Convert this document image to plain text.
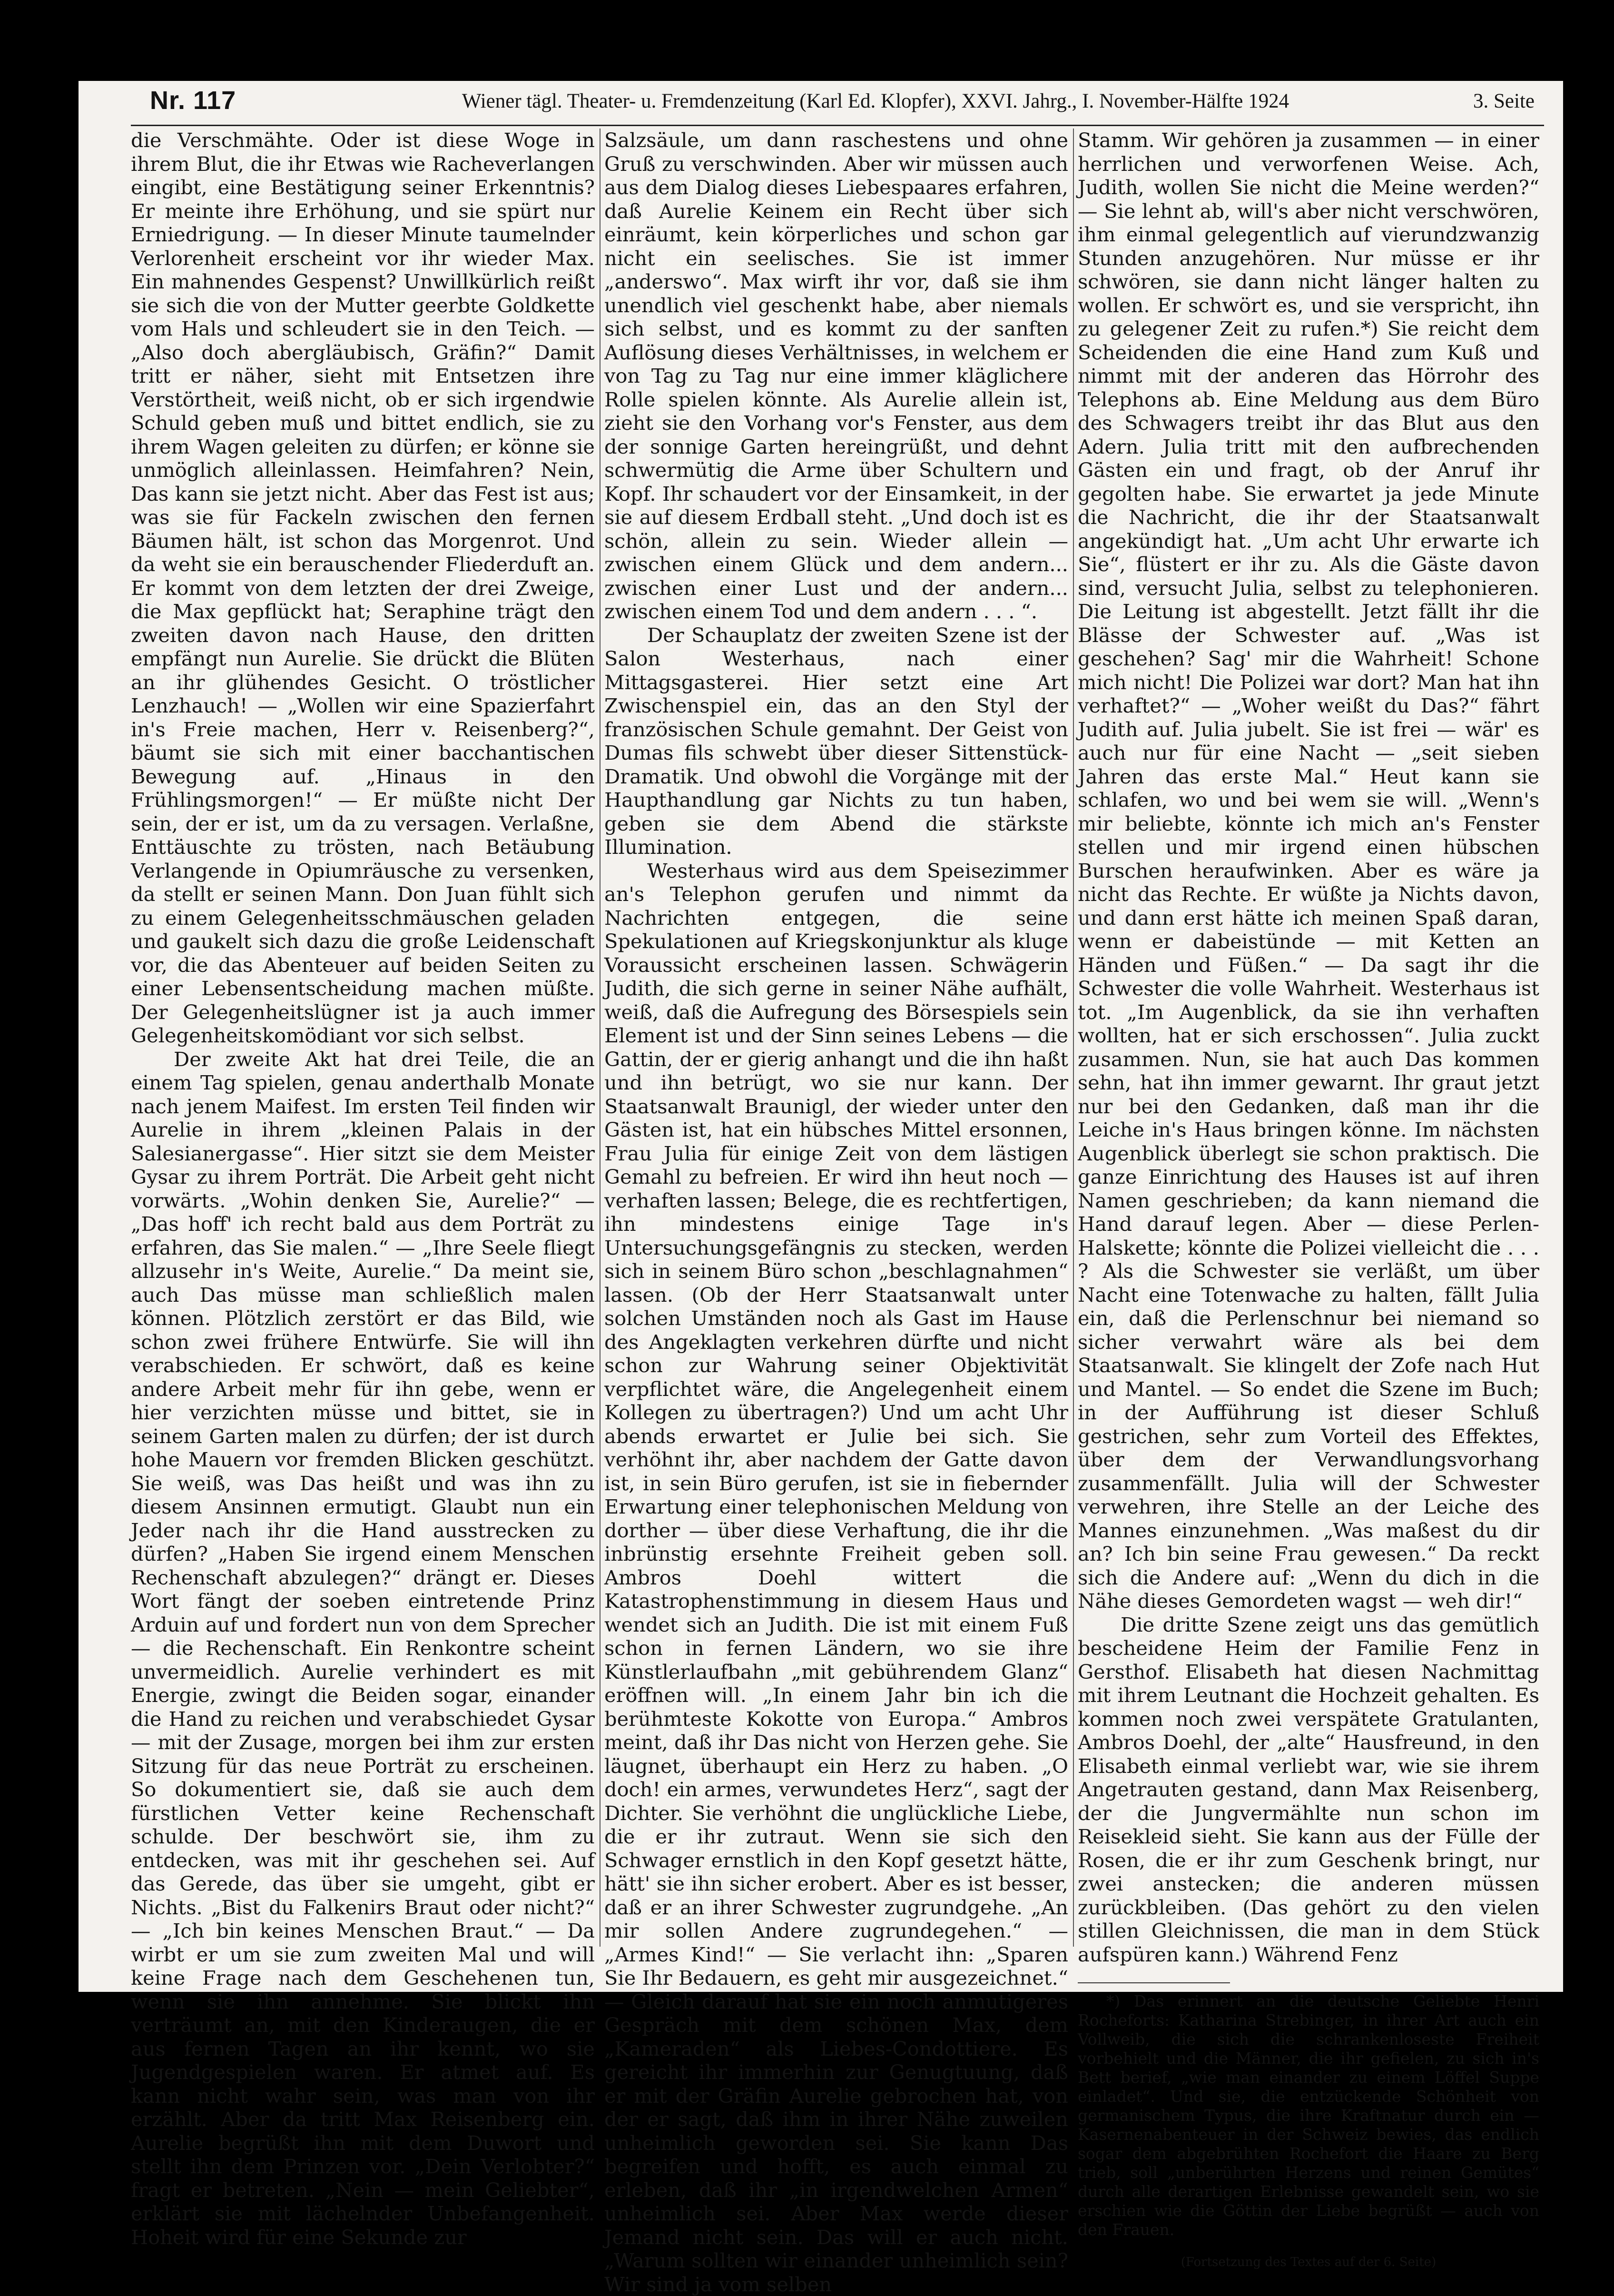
Nr. 117	Wiener tägl. Theater- u. Fremdenzeitung (Karl Ed. Klopfer), XXVI. Jahrg., I. November-Hälfte 1924	3. Seite

die Verschmähte. Oder ist diese Woge in ihrem Blut, die ihr Etwas wie Racheverlangen eingibt, eine Bestätigung seiner Erkenntnis? Er meinte ihre Erhöhung, und sie spürt nur Erniedrigung. — In dieser Minute taumelnder Verlorenheit erscheint vor ihr wieder Max. Ein mahnendes Gespenst? Unwillkürlich reißt sie sich die von der Mutter geerbte Goldkette vom Hals und schleudert sie in den Teich. — „Also doch abergläubisch, Gräfin?“ Damit tritt er näher, sieht mit Entsetzen ihre Verstörtheit, weiß nicht, ob er sich irgendwie Schuld geben muß und bittet endlich, sie zu ihrem Wagen geleiten zu dürfen; er könne sie unmöglich alleinlassen. Heimfahren? Nein, Das kann sie jetzt nicht. Aber das Fest ist aus; was sie für Fackeln zwischen den fernen Bäumen hält, ist schon das Morgenrot. Und da weht sie ein berauschender Fliederduft an. Er kommt von dem letzten der drei Zweige, die Max gepflückt hat; Seraphine trägt den zweiten davon nach Hause, den dritten empfängt nun Aurelie. Sie drückt die Blüten an ihr glühendes Gesicht. O tröstlicher Lenzhauch! — „Wollen wir eine Spazierfahrt in's Freie machen, Herr v. Reisenberg?“, bäumt sie sich mit einer bacchantischen Bewegung auf. „Hinaus in den Frühlingsmorgen!“ — Er müßte nicht Der sein, der er ist, um da zu versagen. Verlaßne, Enttäuschte zu trösten, nach Betäubung Verlangende in Opiumräusche zu versenken, da stellt er seinen Mann. Don Juan fühlt sich zu einem Gelegenheitsschmäuschen geladen und gaukelt sich dazu die große Leidenschaft vor, die das Abenteuer auf beiden Seiten zu einer Lebensentscheidung machen müßte. Der Gelegenheitslügner ist ja auch immer Gelegenheitskomödiant vor sich selbst.

Der zweite Akt hat drei Teile, die an einem Tag spielen, genau anderthalb Monate nach jenem Maifest. Im ersten Teil finden wir Aurelie in ihrem „kleinen Palais in der Salesianergasse“. Hier sitzt sie dem Meister Gysar zu ihrem Porträt. Die Arbeit geht nicht vorwärts. „Wohin denken Sie, Aurelie?“ — „Das hoff' ich recht bald aus dem Porträt zu erfahren, das Sie malen.“ — „Ihre Seele fliegt allzusehr in's Weite, Aurelie.“ Da meint sie, auch Das müsse man schließlich malen können. Plötzlich zerstört er das Bild, wie schon zwei frühere Entwürfe. Sie will ihn verabschieden. Er schwört, daß es keine andere Arbeit mehr für ihn gebe, wenn er hier verzichten müsse und bittet, sie in seinem Garten malen zu dürfen; der ist durch hohe Mauern vor fremden Blicken geschützt. Sie weiß, was Das heißt und was ihn zu diesem Ansinnen ermutigt. Glaubt nun ein Jeder nach ihr die Hand ausstrecken zu dürfen? „Haben Sie irgend einem Menschen Rechenschaft abzulegen?“ drängt er. Dieses Wort fängt der soeben eintretende Prinz Arduin auf und fordert nun von dem Sprecher — die Rechenschaft. Ein Renkontre scheint unvermeidlich. Aurelie verhindert es mit Energie, zwingt die Beiden sogar, einander die Hand zu reichen und verabschiedet Gysar — mit der Zusage, morgen bei ihm zur ersten Sitzung für das neue Porträt zu erscheinen. So dokumentiert sie, daß sie auch dem fürstlichen Vetter keine Rechenschaft schulde. Der beschwört sie, ihm zu entdecken, was mit ihr geschehen sei. Auf das Gerede, das über sie umgeht, gibt er Nichts. „Bist du Falkenirs Braut oder nicht?“ — „Ich bin keines Menschen Braut.“ — Da wirbt er um sie zum zweiten Mal und will keine Frage nach dem Geschehenen tun, wenn sie ihn annehme. Sie blickt ihn verträumt an, mit den Kinderaugen, die er aus fernen Tagen an ihr kennt, wo sie Jugendgespielen waren. Er atmet auf. Es kann nicht wahr sein, was man von ihr erzählt. Aber da tritt Max Reisenberg ein. Aurelie begrüßt ihn mit dem Duwort und stellt ihn dem Prinzen vor. „Dein Verlobter?“ fragt er betreten. „Nein — mein Geliebter“, erklärt sie mit lächelnder Unbefangenheit. Hoheit wird für eine Sekunde zur

Salzsäule, um dann raschestens und ohne Gruß zu verschwinden. Aber wir müssen auch aus dem Dialog dieses Liebespaares erfahren, daß Aurelie Keinem ein Recht über sich einräumt, kein körperliches und schon gar nicht ein seelisches. Sie ist immer „anderswo“. Max wirft ihr vor, daß sie ihm unendlich viel geschenkt habe, aber niemals sich selbst, und es kommt zu der sanften Auflösung dieses Verhältnisses, in welchem er von Tag zu Tag nur eine immer kläglichere Rolle spielen könnte. Als Aurelie allein ist, zieht sie den Vorhang vor's Fenster, aus dem der sonnige Garten hereingrüßt, und dehnt schwermütig die Arme über Schultern und Kopf. Ihr schaudert vor der Einsamkeit, in der sie auf diesem Erdball steht. „Und doch ist es schön, allein zu sein. Wieder allein — zwischen einem Glück und dem andern... zwischen einer Lust und der andern... zwischen einem Tod und dem andern . . . “.

Der Schauplatz der zweiten Szene ist der Salon Westerhaus, nach einer Mittagsgasterei. Hier setzt eine Art Zwischenspiel ein, das an den Styl der französischen Schule gemahnt. Der Geist von Dumas fils schwebt über dieser Sittenstück-Dramatik. Und obwohl die Vorgänge mit der Haupthandlung gar Nichts zu tun haben, geben sie dem Abend die stärkste Illumination.

Westerhaus wird aus dem Speisezimmer an's Telephon gerufen und nimmt da Nachrichten entgegen, die seine Spekulationen auf Kriegskonjunktur als kluge Voraussicht erscheinen lassen. Schwägerin Judith, die sich gerne in seiner Nähe aufhält, weiß, daß die Aufregung des Börsespiels sein Element ist und der Sinn seines Lebens — die Gattin, der er gierig anhangt und die ihn haßt und ihn betrügt, wo sie nur kann. Der Staatsanwalt Braunigl, der wieder unter den Gästen ist, hat ein hübsches Mittel ersonnen, Frau Julia für einige Zeit von dem lästigen Gemahl zu befreien. Er wird ihn heut noch — verhaften lassen; Belege, die es rechtfertigen, ihn mindestens einige Tage in's Untersuchungsgefängnis zu stecken, werden sich in seinem Büro schon „beschlagnahmen“ lassen. (Ob der Herr Staatsanwalt unter solchen Umständen noch als Gast im Hause des Angeklagten verkehren dürfte und nicht schon zur Wahrung seiner Objektivität verpflichtet wäre, die Angelegenheit einem Kollegen zu übertragen?) Und um acht Uhr abends erwartet er Julie bei sich. Sie verhöhnt ihr, aber nachdem der Gatte davon ist, in sein Büro gerufen, ist sie in fiebernder Erwartung einer telephonischen Meldung von dorther — über diese Verhaftung, die ihr die inbrünstig ersehnte Freiheit geben soll. Ambros Doehl wittert die Katastrophenstimmung in diesem Haus und wendet sich an Judith. Die ist mit einem Fuß schon in fernen Ländern, wo sie ihre Künstlerlaufbahn „mit gebührendem Glanz“ eröffnen will. „In einem Jahr bin ich die berühmteste Kokotte von Europa.“ Ambros meint, daß ihr Das nicht von Herzen gehe. Sie läugnet, überhaupt ein Herz zu haben. „O doch! ein armes, verwundetes Herz“, sagt der Dichter. Sie verhöhnt die unglückliche Liebe, die er ihr zutraut. Wenn sie sich den Schwager ernstlich in den Kopf gesetzt hätte, hätt' sie ihn sicher erobert. Aber es ist besser, daß er an ihrer Schwester zugrundgehe. „An mir sollen Andere zugrundegehen.“ — „Armes Kind!“ — Sie verlacht ihn: „Sparen Sie Ihr Bedauern, es geht mir ausgezeichnet.“ — Gleich darauf hat sie ein noch anmutigeres Gespräch mit dem schönen Max, dem „Kameraden“ als Liebes-Condottiere. Es gereicht ihr immerhin zur Genugtuung, daß er mit der Gräfin Aurelie gebrochen hat, von der er sagt, daß ihm in ihrer Nähe zuweilen unheimlich geworden sei. Sie kann Das begreifen und hofft, es auch einmal zu erleben, daß ihr „in irgendwelchen Armen“ unheimlich sei. Aber Max werde dieser Jemand nicht sein. Das will er auch nicht. „Warum sollten wir einander unheimlich sein? Wir sind ja vom selben

Stamm. Wir gehören ja zusammen — in einer herrlichen und verworfenen Weise. Ach, Judith, wollen Sie nicht die Meine werden?“ — Sie lehnt ab, will's aber nicht verschwören, ihm einmal gelegentlich auf vierundzwanzig Stunden anzugehören. Nur müsse er ihr schwören, sie dann nicht länger halten zu wollen. Er schwört es, und sie verspricht, ihn zu gelegener Zeit zu rufen.*) Sie reicht dem Scheidenden die eine Hand zum Kuß und nimmt mit der anderen das Hörrohr des Telephons ab. Eine Meldung aus dem Büro des Schwagers treibt ihr das Blut aus den Adern. Julia tritt mit den aufbrechenden Gästen ein und fragt, ob der Anruf ihr gegolten habe. Sie erwartet ja jede Minute die Nachricht, die ihr der Staatsanwalt angekündigt hat. „Um acht Uhr erwarte ich Sie“, flüstert er ihr zu. Als die Gäste davon sind, versucht Julia, selbst zu telephonieren. Die Leitung ist abgestellt. Jetzt fällt ihr die Blässe der Schwester auf. „Was ist geschehen? Sag' mir die Wahrheit! Schone mich nicht! Die Polizei war dort? Man hat ihn verhaftet?“ — „Woher weißt du Das?“ fährt Judith auf. Julia jubelt. Sie ist frei — wär' es auch nur für eine Nacht — „seit sieben Jahren das erste Mal.“ Heut kann sie schlafen, wo und bei wem sie will. „Wenn's mir beliebte, könnte ich mich an's Fenster stellen und mir irgend einen hübschen Burschen heraufwinken. Aber es wäre ja nicht das Rechte. Er wüßte ja Nichts davon, und dann erst hätte ich meinen Spaß daran, wenn er dabeistünde — mit Ketten an Händen und Füßen.“ — Da sagt ihr die Schwester die volle Wahrheit. Westerhaus ist tot. „Im Augenblick, da sie ihn verhaften wollten, hat er sich erschossen“. Julia zuckt zusammen. Nun, sie hat auch Das kommen sehn, hat ihn immer gewarnt. Ihr graut jetzt nur bei den Gedanken, daß man ihr die Leiche in's Haus bringen könne. Im nächsten Augenblick überlegt sie schon praktisch. Die ganze Einrichtung des Hauses ist auf ihren Namen geschrieben; da kann niemand die Hand darauf legen. Aber — diese Perlen-Halskette; könnte die Polizei vielleicht die . . . ? Als die Schwester sie verläßt, um über Nacht eine Totenwache zu halten, fällt Julia ein, daß die Perlenschnur bei niemand so sicher verwahrt wäre als bei dem Staatsanwalt. Sie klingelt der Zofe nach Hut und Mantel. — So endet die Szene im Buch; in der Aufführung ist dieser Schluß gestrichen, sehr zum Vorteil des Effektes, über dem der Verwandlungsvorhang zusammenfällt. Julia will der Schwester verwehren, ihre Stelle an der Leiche des Mannes einzunehmen. „Was maßest du dir an? Ich bin seine Frau gewesen.“ Da reckt sich die Andere auf: „Wenn du dich in die Nähe dieses Gemordeten wagst — weh dir!“

Die dritte Szene zeigt uns das gemütlich bescheidene Heim der Familie Fenz in Gersthof. Elisabeth hat diesen Nachmittag mit ihrem Leutnant die Hochzeit gehalten. Es kommen noch zwei verspätete Gratulanten, Ambros Doehl, der „alte“ Hausfreund, in den Elisabeth einmal verliebt war, wie sie ihrem Angetrauten gestand, dann Max Reisenberg, der die Jungvermählte nun schon im Reisekleid sieht. Sie kann aus der Fülle der Rosen, die er ihr zum Geschenk bringt, nur zwei anstecken; die anderen müssen zurückbleiben. (Das gehört zu den vielen stillen Gleichnissen, die man in dem Stück aufspüren kann.) Während Fenz

*) Das erinnert an die deutsche Geliebte Henri Rocheforts: Katharina Strebinger, in ihrer Art auch ein Vollweib, die sich die schrankenloseste Freiheit vorbehielt und die Männer, die ihr gefielen, zu sich in's Bett berief, „wie man einander zu einem Löffel Suppe einladet“. Und sie, die entzückende Schönheit von germanischem Typus, die ihre Kraftnatur durch ein — Kasernenabenteuer in der Schweiz bewies, das endlich sogar dem abgebrühten Rochefort die Haare zu Berg trieb, soll „unberührten Herzens und reinen Gemütes“ durch alle derartigen Erlebnisse gewandelt sein, wo sie erschien wie die Göttin der Liebe begrüßt — auch von den Frauen.

(Fortsetzung des Textes auf der 6. Seite)
